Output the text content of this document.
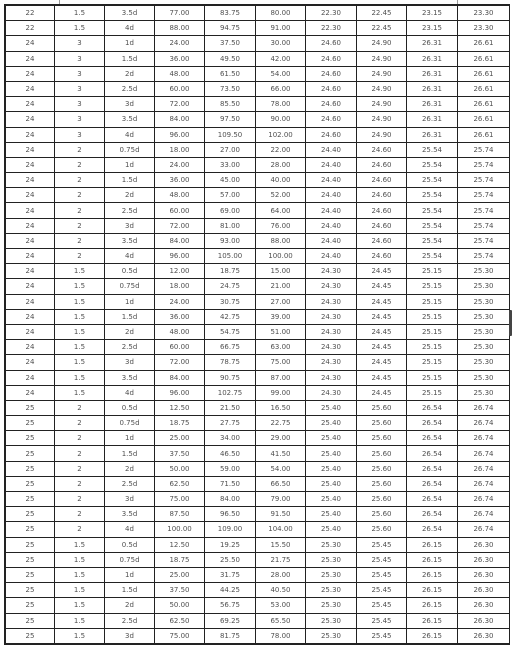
22	1.5	3.5d	77.00	83.75	80.00	22.30	22.45	23.15	23.30
22	1.5	4d	88.00	94.75	91.00	22.30	22.45	23.15	23.30
24	3	1d	24.00	37.50	30.00	24.60	24.90	26.31	26.61
24	3	1.5d	36.00	49.50	42.00	24.60	24.90	26.31	26.61
24	3	2d	48.00	61.50	54.00	24.60	24.90	26.31	26.61
24	3	2.5d	60.00	73.50	66.00	24.60	24.90	26.31	26.61
24	3	3d	72.00	85.50	78.00	24.60	24.90	26.31	26.61
24	3	3.5d	84.00	97.50	90.00	24.60	24.90	26.31	26.61
24	3	4d	96.00	109.50	102.00	24.60	24.90	26.31	26.61
24	2	0.75d	18.00	27.00	22.00	24.40	24.60	25.54	25.74
24	2	1d	24.00	33.00	28.00	24.40	24.60	25.54	25.74
24	2	1.5d	36.00	45.00	40.00	24.40	24.60	25.54	25.74
24	2	2d	48.00	57.00	52.00	24.40	24.60	25.54	25.74
24	2	2.5d	60.00	69.00	64.00	24.40	24.60	25.54	25.74
24	2	3d	72.00	81.00	76.00	24.40	24.60	25.54	25.74
24	2	3.5d	84.00	93.00	88.00	24.40	24.60	25.54	25.74
24	2	4d	96.00	105.00	100.00	24.40	24.60	25.54	25.74
24	1.5	0.5d	12.00	18.75	15.00	24.30	24.45	25.15	25.30
24	1.5	0.75d	18.00	24.75	21.00	24.30	24.45	25.15	25.30
24	1.5	1d	24.00	30.75	27.00	24.30	24.45	25.15	25.30
24	1.5	1.5d	36.00	42.75	39.00	24.30	24.45	25.15	25.30
24	1.5	2d	48.00	54.75	51.00	24.30	24.45	25.15	25.30
24	1.5	2.5d	60.00	66.75	63.00	24.30	24.45	25.15	25.30
24	1.5	3d	72.00	78.75	75.00	24.30	24.45	25.15	25.30
24	1.5	3.5d	84.00	90.75	87.00	24.30	24.45	25.15	25.30
24	1.5	4d	96.00	102.75	99.00	24.30	24.45	25.15	25.30
25	2	0.5d	12.50	21.50	16.50	25.40	25.60	26.54	26.74
25	2	0.75d	18.75	27.75	22.75	25.40	25.60	26.54	26.74
25	2	1d	25.00	34.00	29.00	25.40	25.60	26.54	26.74
25	2	1.5d	37.50	46.50	41.50	25.40	25.60	26.54	26.74
25	2	2d	50.00	59.00	54.00	25.40	25.60	26.54	26.74
25	2	2.5d	62.50	71.50	66.50	25.40	25.60	26.54	26.74
25	2	3d	75.00	84.00	79.00	25.40	25.60	26.54	26.74
25	2	3.5d	87.50	96.50	91.50	25.40	25.60	26.54	26.74
25	2	4d	100.00	109.00	104.00	25.40	25.60	26.54	26.74
25	1.5	0.5d	12.50	19.25	15.50	25.30	25.45	26.15	26.30
25	1.5	0.75d	18.75	25.50	21.75	25.30	25.45	26.15	26.30
25	1.5	1d	25.00	31.75	28.00	25.30	25.45	26.15	26.30
25	1.5	1.5d	37.50	44.25	40.50	25.30	25.45	26.15	26.30
25	1.5	2d	50.00	56.75	53.00	25.30	25.45	26.15	26.30
25	1.5	2.5d	62.50	69.25	65.50	25.30	25.45	26.15	26.30
25	1.5	3d	75.00	81.75	78.00	25.30	25.45	26.15	26.30
